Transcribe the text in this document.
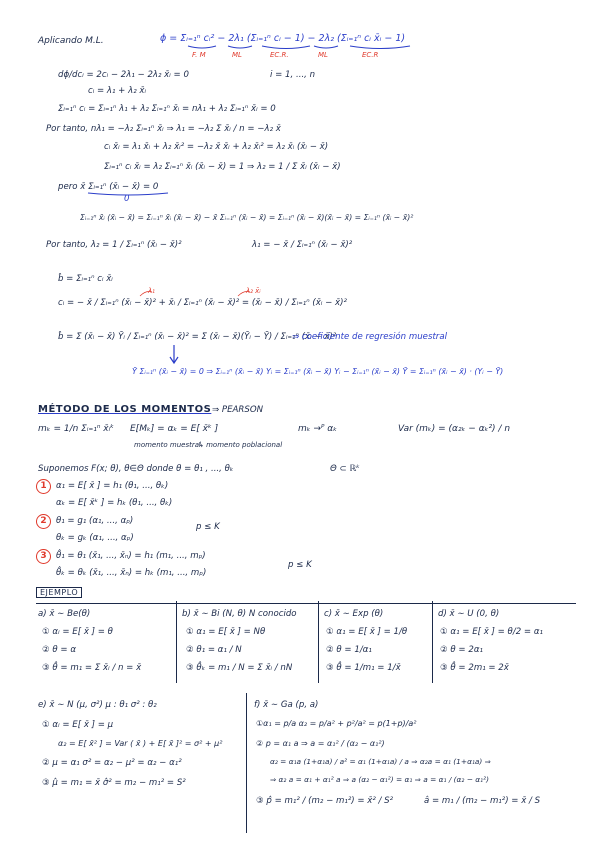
Aplicando M.L.	ϕ = Σᵢ₌₁ⁿ cᵢ² − 2λ₁ (Σᵢ₌₁ⁿ cᵢ − 1) − 2λ₂ (Σᵢ₌₁ⁿ cᵢ x̄ᵢ − 1)
F. M	ML	EC.R.	ML	EC.R
dϕ/dcᵢ = 2cᵢ − 2λ₁ − 2λ₂ x̄ᵢ = 0	i = 1, ..., n
cᵢ = λ₁ + λ₂ x̄ᵢ
Σᵢ₌₁ⁿ cᵢ = Σᵢ₌₁ⁿ λ₁ + λ₂ Σᵢ₌₁ⁿ x̄ᵢ = nλ₁ + λ₂ Σᵢ₌₁ⁿ x̄ᵢ = 0
Por tanto, nλ₁ = −λ₂ Σᵢ₌₁ⁿ x̄ᵢ ⇒ λ₁ = −λ₂ Σ x̄ᵢ / n = −λ₂ x̄
cᵢ x̄ᵢ = λ₁ x̄ᵢ + λ₂ x̄ᵢ² = −λ₂ x̄ x̄ᵢ + λ₂ x̄ᵢ² = λ₂ x̄ᵢ (x̄ᵢ − x̄)
Σᵢ₌₁ⁿ cᵢ x̄ᵢ = λ₂ Σᵢ₌₁ⁿ x̄ᵢ (x̄ᵢ − x̄) = 1 ⇒ λ₂ = 1 / Σ x̄ᵢ (x̄ᵢ − x̄)
pero x̄ Σᵢ₌₁ⁿ (x̄ᵢ − x̄) = 0
0
Σᵢ₌₁ⁿ x̄ᵢ (x̄ᵢ − x̄) = Σᵢ₌₁ⁿ x̄ᵢ (x̄ᵢ − x̄) − x̄ Σᵢ₌₁ⁿ (x̄ᵢ − x̄) = Σᵢ₌₁ⁿ (x̄ᵢ − x̄)(x̄ᵢ − x̄) = Σᵢ₌₁ⁿ (x̄ᵢ − x̄)²
Por tanto, λ₂ = 1 / Σᵢ₌₁ⁿ (x̄ᵢ − x̄)²	λ₁ = − x̄ / Σᵢ₌₁ⁿ (x̄ᵢ − x̄)²
b̂ = Σᵢ₌₁ⁿ cᵢ x̄ᵢ
λ₁	λ₂ x̄ᵢ
cᵢ = − x̄ / Σᵢ₌₁ⁿ (x̄ᵢ − x̄)² + x̄ᵢ / Σᵢ₌₁ⁿ (x̄ᵢ − x̄)² = (x̄ᵢ − x̄) / Σᵢ₌₁ⁿ (x̄ᵢ − x̄)²
b̂ = Σ (x̄ᵢ − x̄) Ȳᵢ / Σᵢ₌₁ⁿ (x̄ᵢ − x̄)² = Σ (x̄ᵢ − x̄)(Ȳᵢ − Ȳ) / Σᵢ₌₁ⁿ (x̄ᵢ − x̄)²
⇒ coeficiente de regresión muestral
Ȳ Σᵢ₌₁ⁿ (x̄ᵢ − x̄) = 0 ⇒ Σᵢ₌₁ⁿ (x̄ᵢ − x̄) Yᵢ = Σᵢ₌₁ⁿ (x̄ᵢ − x̄) Yᵢ − Σᵢ₌₁ⁿ (x̄ᵢ − x̄) Ȳ = Σᵢ₌₁ⁿ (x̄ᵢ − x̄) · (Yᵢ − Ȳ)
MÉTODO DE LOS MOMENTOS ⇒ PEARSON
mₖ = 1/n Σᵢ₌₁ⁿ x̄ᵢᵏ E[Mₖ] = αₖ = E[ x̄ᵏ ]	mₖ →ᴾ αₖ	Var (mₖ) = (α₂ₖ − αₖ²) / n
momento muestral
↳ momento poblacional
Suponemos F(x; θ), θ∈Θ donde θ = θ₁ , ..., θₖ	Θ ⊂ ℝᵏ
1	α₁ = E[ x̄ ] = h₁ (θ₁, ..., θₖ)
αₖ = E[ x̄ᵏ ] = hₖ (θ₁, ..., θₖ)
2	θ₁ = g₁ (α₁, ..., αₚ)
θₖ = gₖ (α₁, ..., αₚ)
p ≤ K
3	θ̂₁ = θ₁ (x̄₁, ..., x̄ₙ) = h₁ (m₁, ..., mₚ)
θ̂ₖ = θₖ (x̄₁, ..., x̄ₙ) = hₖ (m₁, ..., mₚ)
p ≤ K
EJEMPLO
a) x̄ ∼ Be(θ)
① αᵢ = E[ x̄ ] = θ
② θ = α
③ θ̂ = m₁ = Σ x̄ᵢ / n = x̄
b) x̄ ∼ Bi (N, θ) N conocido
① α₁ = E[ x̄ ] = Nθ
② θ₁ = α₁ / N
③ θ̂ₖ = m₁ / N = Σ x̄ᵢ / nN
c) x̄ ∼ Exp (θ)
① α₁ = E[ x̄ ] = 1/θ
② θ = 1/α₁
③ θ̂ = 1/m₁ = 1/x̄
d) x̄ ∼ U (0, θ)
① α₁ = E[ x̄ ] = θ/2 = α₁
② θ = 2α₁
③ θ̂ = 2m₁ = 2x̄
e) x̄ ∼ N (μ, σ²) μ : θ₁ σ² : θ₂
① αᵢ = E[ x̄ ] = μ
α₂ = E[ x̄² ] = Var ( x̄ ) + E[ x̄ ]² = σ² + μ²
② μ = α₁ σ² = α₂ − μ² = α₂ − α₁²
③ μ̂ = m₁ = x̄ σ̂² = m₂ − m₁² = S²
f) x̄ ∼ Ga (p, a)
①α₁ = p/a α₂ = p/a² + p²/a² = p(1+p)/a²
② p = α₁ a ⇒ a = α₁² / (α₂ − α₁²)
α₂ = α₁a (1+α₁a) / a² = α₁ (1+α₁a) / a ⇒ α₂a = α₁ (1+α₁a) ⇒
⇒ α₂ a = α₁ + α₁² a ⇒ a (α₂ − α₁²) = α₁ ⇒ a = α₁ / (α₂ − α₁²)
③ p̂ = m₁² / (m₂ − m₁²) = x̄² / S²	â = m₁ / (m₂ − m₁²) = x̄ / S
